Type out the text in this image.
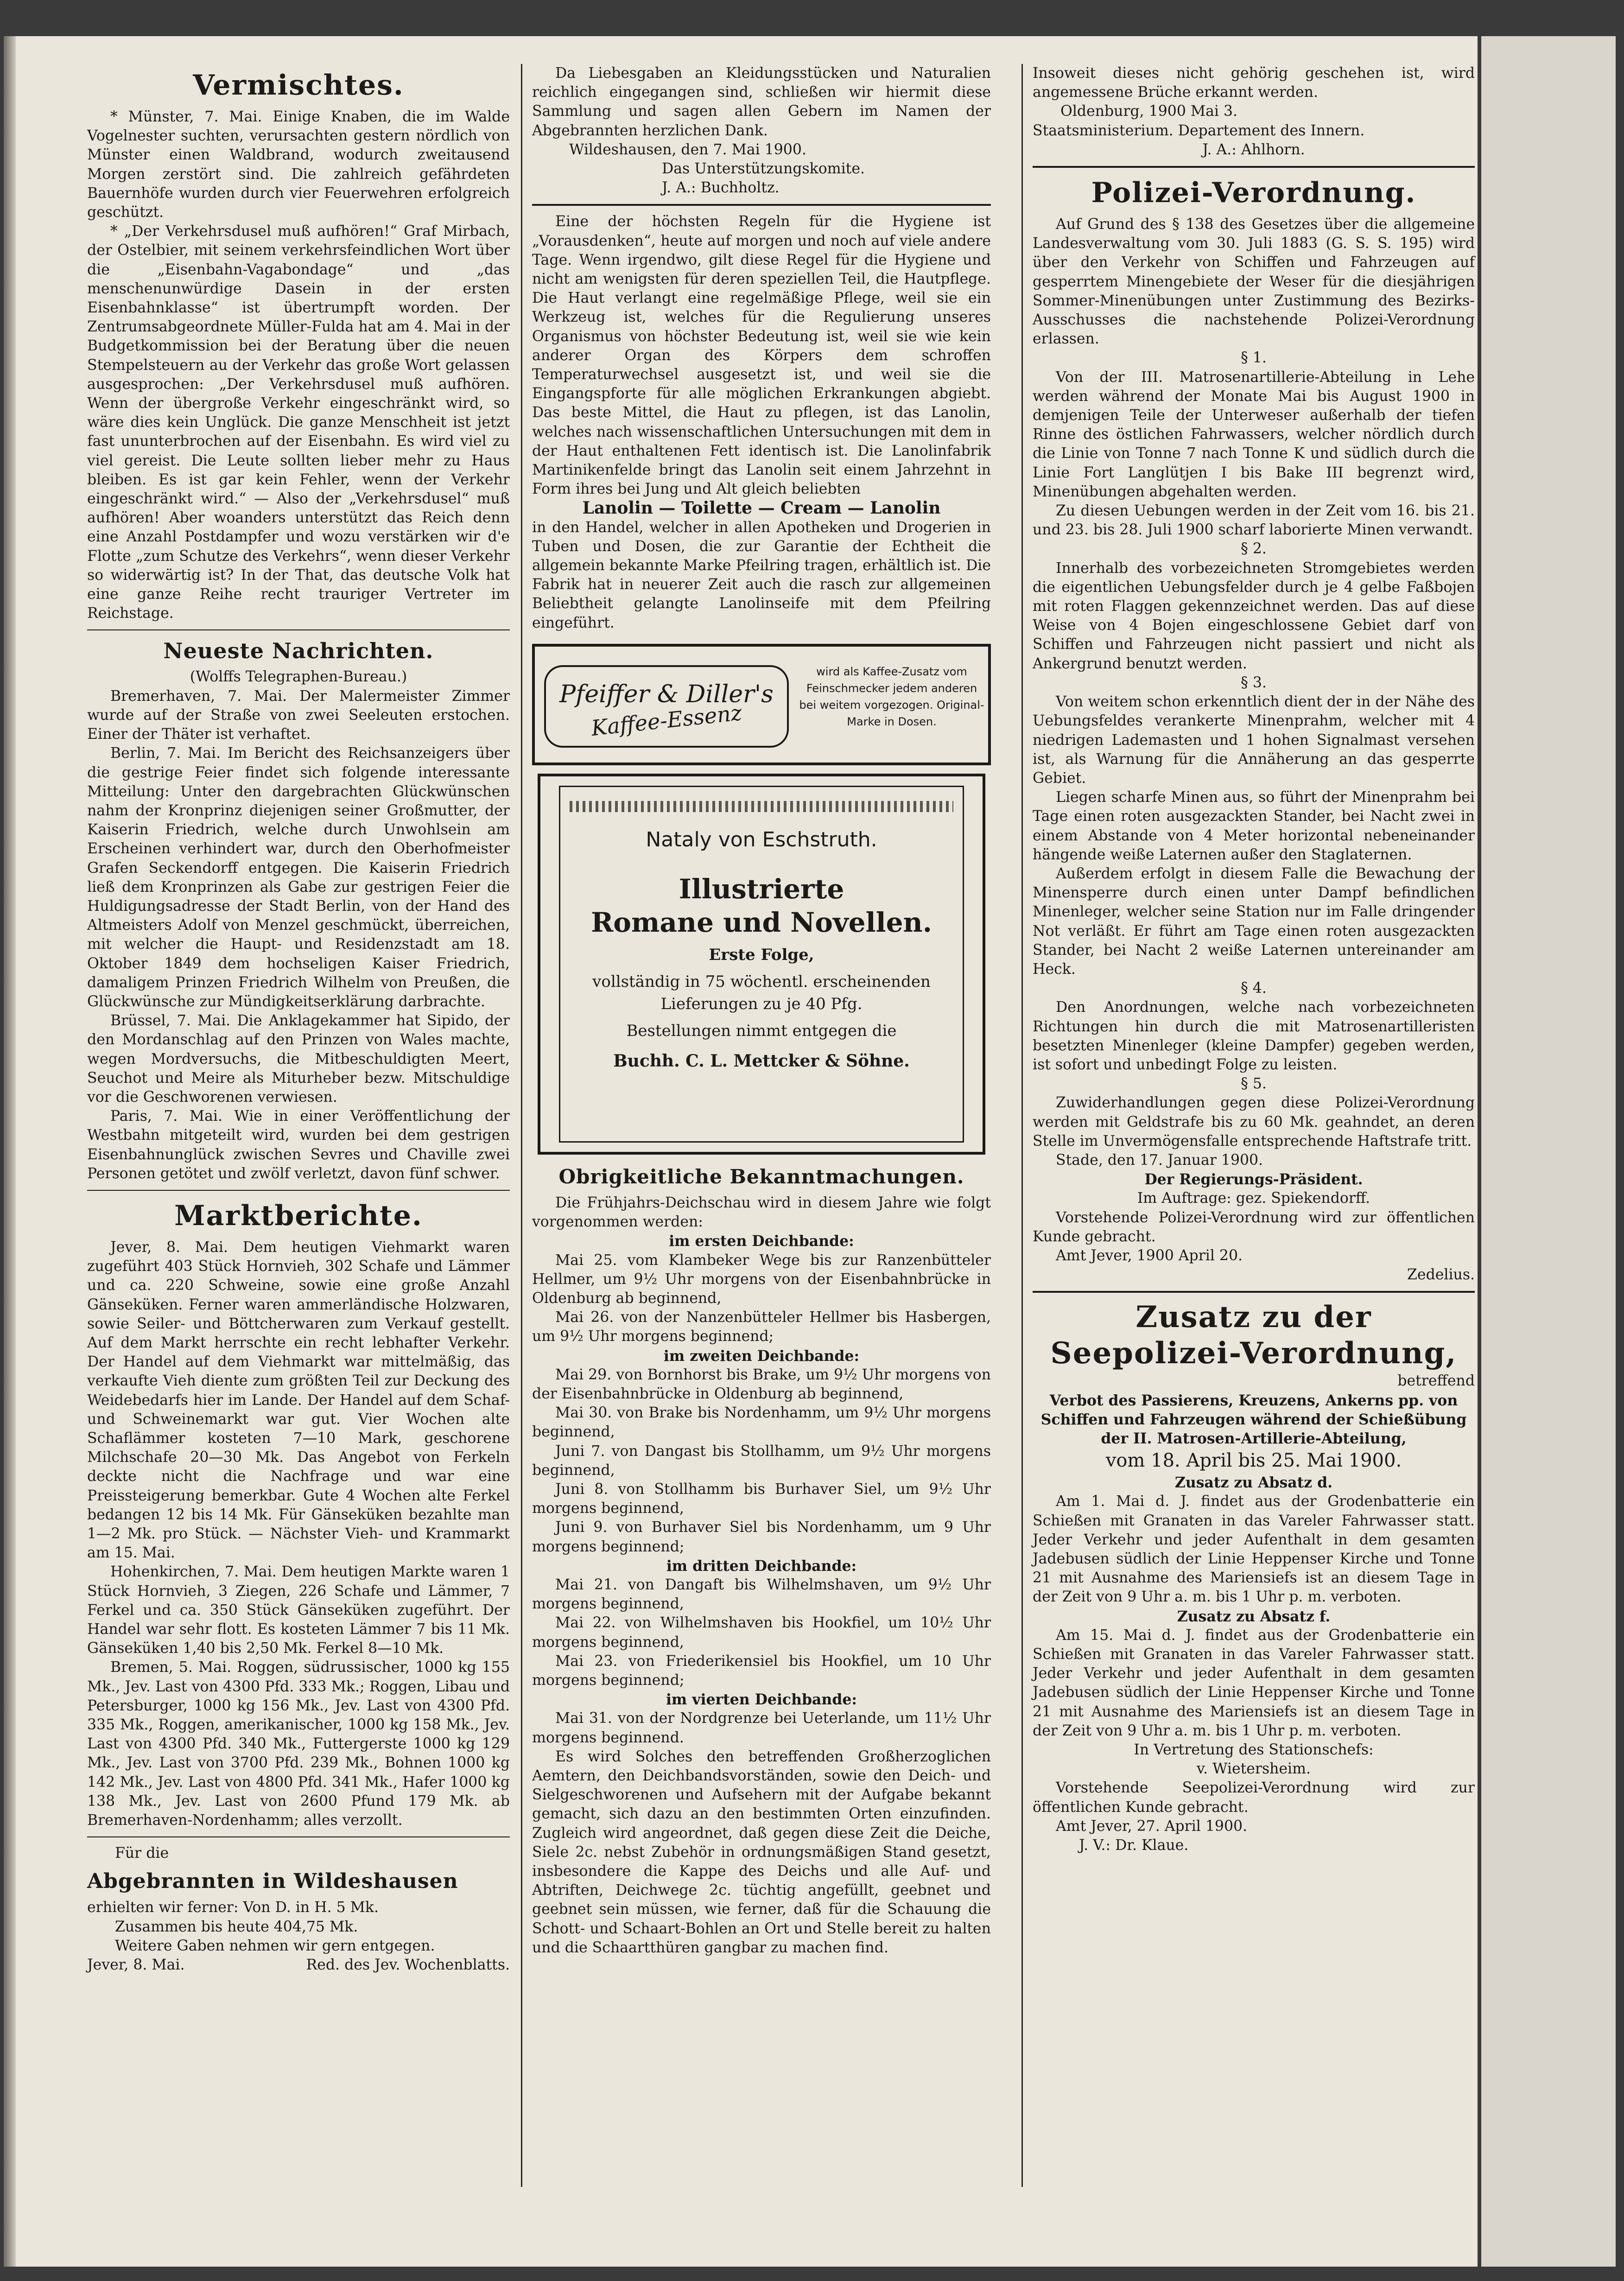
Vermischtes.

* Münster, 7. Mai. Einige Knaben, die im Walde Vogelnester suchten, verursachten gestern nördlich von Münster einen Waldbrand, wodurch zweitausend Morgen zerstört sind. Die zahlreich gefährdeten Bauernhöfe wurden durch vier Feuerwehren erfolgreich geschützt.

* „Der Verkehrsdusel muß aufhören!“ Graf Mirbach, der Ostelbier, mit seinem verkehrsfeindlichen Wort über die „Eisenbahn-Vagabondage“ und „das menschenunwürdige Dasein in der ersten Eisenbahnklasse“ ist übertrumpft worden. Der Zentrumsabgeordnete Müller-Fulda hat am 4. Mai in der Budgetkommission bei der Beratung über die neuen Stempelsteuern au der Verkehr das große Wort gelassen ausgesprochen: „Der Verkehrsdusel muß aufhören. Wenn der übergroße Verkehr eingeschränkt wird, so wäre dies kein Unglück. Die ganze Menschheit ist jetzt fast ununterbrochen auf der Eisenbahn. Es wird viel zu viel gereist. Die Leute sollten lieber mehr zu Haus bleiben. Es ist gar kein Fehler, wenn der Verkehr eingeschränkt wird.“ — Also der „Verkehrsdusel“ muß aufhören! Aber woanders unterstützt das Reich denn eine Anzahl Postdampfer und wozu verstärken wir d'e Flotte „zum Schutze des Verkehrs“, wenn dieser Verkehr so widerwärtig ist? In der That, das deutsche Volk hat eine ganze Reihe recht trauriger Vertreter im Reichstage.

Neueste Nachrichten.

(Wolffs Telegraphen-Bureau.)

Bremerhaven, 7. Mai. Der Malermeister Zimmer wurde auf der Straße von zwei Seeleuten erstochen. Einer der Thäter ist verhaftet.

Berlin, 7. Mai. Im Bericht des Reichsanzeigers über die gestrige Feier findet sich folgende interessante Mitteilung: Unter den dargebrachten Glückwünschen nahm der Kronprinz diejenigen seiner Großmutter, der Kaiserin Friedrich, welche durch Unwohlsein am Erscheinen verhindert war, durch den Oberhofmeister Grafen Seckendorff entgegen. Die Kaiserin Friedrich ließ dem Kronprinzen als Gabe zur gestrigen Feier die Huldigungsadresse der Stadt Berlin, von der Hand des Altmeisters Adolf von Menzel geschmückt, überreichen, mit welcher die Haupt- und Residenzstadt am 18. Oktober 1849 dem hochseligen Kaiser Friedrich, damaligem Prinzen Friedrich Wilhelm von Preußen, die Glückwünsche zur Mündigkeitserklärung darbrachte.

Brüssel, 7. Mai. Die Anklagekammer hat Sipido, der den Mordanschlag auf den Prinzen von Wales machte, wegen Mordversuchs, die Mitbeschuldigten Meert, Seuchot und Meire als Miturheber bezw. Mitschuldige vor die Geschworenen verwiesen.

Paris, 7. Mai. Wie in einer Veröffentlichung der Westbahn mitgeteilt wird, wurden bei dem gestrigen Eisenbahnunglück zwischen Sevres und Chaville zwei Personen getötet und zwölf verletzt, davon fünf schwer.

Marktberichte.

Jever, 8. Mai. Dem heutigen Viehmarkt waren zugeführt 403 Stück Hornvieh, 302 Schafe und Lämmer und ca. 220 Schweine, sowie eine große Anzahl Gänseküken. Ferner waren ammerländische Holzwaren, sowie Seiler- und Böttcherwaren zum Verkauf gestellt. Auf dem Markt herrschte ein recht lebhafter Verkehr. Der Handel auf dem Viehmarkt war mittelmäßig, das verkaufte Vieh diente zum größten Teil zur Deckung des Weidebedarfs hier im Lande. Der Handel auf dem Schaf- und Schweinemarkt war gut. Vier Wochen alte Schaflämmer kosteten 7—10 Mark, geschorene Milchschafe 20—30 Mk. Das Angebot von Ferkeln deckte nicht die Nachfrage und war eine Preissteigerung bemerkbar. Gute 4 Wochen alte Ferkel bedangen 12 bis 14 Mk. Für Gänseküken bezahlte man 1—2 Mk. pro Stück. — Nächster Vieh- und Krammarkt am 15. Mai.

Hohenkirchen, 7. Mai. Dem heutigen Markte waren 1 Stück Hornvieh, 3 Ziegen, 226 Schafe und Lämmer, 7 Ferkel und ca. 350 Stück Gänseküken zugeführt. Der Handel war sehr flott. Es kosteten Lämmer 7 bis 11 Mk. Gänseküken 1,40 bis 2,50 Mk. Ferkel 8—10 Mk.

Bremen, 5. Mai. Roggen, südrussischer, 1000 kg 155 Mk., Jev. Last von 4300 Pfd. 333 Mk.; Roggen, Libau und Petersburger, 1000 kg 156 Mk., Jev. Last von 4300 Pfd. 335 Mk., Roggen, amerikanischer, 1000 kg 158 Mk., Jev. Last von 4300 Pfd. 340 Mk., Futtergerste 1000 kg 129 Mk., Jev. Last von 3700 Pfd. 239 Mk., Bohnen 1000 kg 142 Mk., Jev. Last von 4800 Pfd. 341 Mk., Hafer 1000 kg 138 Mk., Jev. Last von 2600 Pfund 179 Mk. ab Bremerhaven-Nordenhamm; alles verzollt.

Für die

Abgebrannten in Wildeshausen

erhielten wir ferner: Von D. in H. 5 Mk.

Zusammen bis heute 404,75 Mk.

Weitere Gaben nehmen wir gern entgegen.

Jever, 8. Mai.	Red. des Jev. Wochenblatts.

Da Liebesgaben an Kleidungsstücken und Naturalien reichlich eingegangen sind, schließen wir hiermit diese Sammlung und sagen allen Gebern im Namen der Abgebrannten herzlichen Dank.

Wildeshausen, den 7. Mai 1900.

Das Unterstützungskomite.

J. A.: Buchholtz.

Eine der höchsten Regeln für die Hygiene ist „Vorausdenken“, heute auf morgen und noch auf viele andere Tage. Wenn irgendwo, gilt diese Regel für die Hygiene und nicht am wenigsten für deren speziellen Teil, die Hautpflege. Die Haut verlangt eine regelmäßige Pflege, weil sie ein Werkzeug ist, welches für die Regulierung unseres Organismus von höchster Bedeutung ist, weil sie wie kein anderer Organ des Körpers dem schroffen Temperaturwechsel ausgesetzt ist, und weil sie die Eingangspforte für alle möglichen Erkrankungen abgiebt. Das beste Mittel, die Haut zu pflegen, ist das Lanolin, welches nach wissenschaftlichen Untersuchungen mit dem in der Haut enthaltenen Fett identisch ist. Die Lanolinfabrik Martinikenfelde bringt das Lanolin seit einem Jahrzehnt in Form ihres bei Jung und Alt gleich beliebten

Lanolin — Toilette — Cream — Lanolin

in den Handel, welcher in allen Apotheken und Drogerien in Tuben und Dosen, die zur Garantie der Echtheit die allgemein bekannte Marke Pfeilring tragen, erhältlich ist. Die Fabrik hat in neuerer Zeit auch die rasch zur allgemeinen Beliebtheit gelangte Lanolinseife mit dem Pfeilring eingeführt.

Pfeiffer & Diller's
Kaffee-Essenz
wird als Kaffee-Zusatz vom Feinschmecker jedem anderen bei weitem vorgezogen. Original-Marke in Dosen.
Nataly von Eschstruth.
Illustrierte
Romane und Novellen.
Erste Folge,
vollständig in 75 wöchentl. erscheinenden Lieferungen zu je 40 Pfg.
Bestellungen nimmt entgegen die
Buchh. C. L. Mettcker & Söhne.
Obrigkeitliche Bekanntmachungen.

Die Frühjahrs-Deichschau wird in diesem Jahre wie folgt vorgenommen werden:

im ersten Deichbande:

Mai 25. vom Klambeker Wege bis zur Ranzenbütteler Hellmer, um 9½ Uhr morgens von der Eisenbahnbrücke in Oldenburg ab beginnend,

Mai 26. von der Nanzenbütteler Hellmer bis Hasbergen, um 9½ Uhr morgens beginnend;

im zweiten Deichbande:

Mai 29. von Bornhorst bis Brake, um 9½ Uhr morgens von der Eisenbahnbrücke in Oldenburg ab beginnend,

Mai 30. von Brake bis Nordenhamm, um 9½ Uhr morgens beginnend,

Juni 7. von Dangast bis Stollhamm, um 9½ Uhr morgens beginnend,

Juni 8. von Stollhamm bis Burhaver Siel, um 9½ Uhr morgens beginnend,

Juni 9. von Burhaver Siel bis Nordenhamm, um 9 Uhr morgens beginnend;

im dritten Deichbande:

Mai 21. von Dangaft bis Wilhelmshaven, um 9½ Uhr morgens beginnend,

Mai 22. von Wilhelmshaven bis Hookfiel, um 10½ Uhr morgens beginnend,

Mai 23. von Friederikensiel bis Hookfiel, um 10 Uhr morgens beginnend;

im vierten Deichbande:

Mai 31. von der Nordgrenze bei Ueterlande, um 11½ Uhr morgens beginnend.

Es wird Solches den betreffenden Großherzoglichen Aemtern, den Deichbandsvorständen, sowie den Deich- und Sielgeschworenen und Aufsehern mit der Aufgabe bekannt gemacht, sich dazu an den bestimmten Orten einzufinden. Zugleich wird angeordnet, daß gegen diese Zeit die Deiche, Siele 2c. nebst Zubehör in ordnungsmäßigen Stand gesetzt, insbesondere die Kappe des Deichs und alle Auf- und Abtriften, Deichwege 2c. tüchtig angefüllt, geebnet und geebnet sein müssen, wie ferner, daß für die Schauung die Schott- und Schaart-Bohlen an Ort und Stelle bereit zu halten und die Schaartthüren gangbar zu machen find.

Insoweit dieses nicht gehörig geschehen ist, wird angemessene Brüche erkannt werden.

Oldenburg, 1900 Mai 3.

Staatsministerium. Departement des Innern.

J. A.: Ahlhorn.

Polizei-Verordnung.

Auf Grund des § 138 des Gesetzes über die allgemeine Landesverwaltung vom 30. Juli 1883 (G. S. S. 195) wird über den Verkehr von Schiffen und Fahrzeugen auf gesperrtem Minengebiete der Weser für die diesjährigen Sommer-Minenübungen unter Zustimmung des Bezirks-Ausschusses die nachstehende Polizei-Verordnung erlassen.

§ 1.

Von der III. Matrosenartillerie-Abteilung in Lehe werden während der Monate Mai bis August 1900 in demjenigen Teile der Unterweser außerhalb der tiefen Rinne des östlichen Fahrwassers, welcher nördlich durch die Linie von Tonne 7 nach Tonne K und südlich durch die Linie Fort Langlütjen I bis Bake III begrenzt wird, Minenübungen abgehalten werden.

Zu diesen Uebungen werden in der Zeit vom 16. bis 21. und 23. bis 28. Juli 1900 scharf laborierte Minen verwandt.

§ 2.

Innerhalb des vorbezeichneten Stromgebietes werden die eigentlichen Uebungsfelder durch je 4 gelbe Faßbojen mit roten Flaggen gekennzeichnet werden. Das auf diese Weise von 4 Bojen eingeschlossene Gebiet darf von Schiffen und Fahrzeugen nicht passiert und nicht als Ankergrund benutzt werden.

§ 3.

Von weitem schon erkenntlich dient der in der Nähe des Uebungsfeldes verankerte Minenprahm, welcher mit 4 niedrigen Lademasten und 1 hohen Signalmast versehen ist, als Warnung für die Annäherung an das gesperrte Gebiet.

Liegen scharfe Minen aus, so führt der Minenprahm bei Tage einen roten ausgezackten Stander, bei Nacht zwei in einem Abstande von 4 Meter horizontal nebeneinander hängende weiße Laternen außer den Staglaternen.

Außerdem erfolgt in diesem Falle die Bewachung der Minensperre durch einen unter Dampf befindlichen Minenleger, welcher seine Station nur im Falle dringender Not verläßt. Er führt am Tage einen roten ausgezackten Stander, bei Nacht 2 weiße Laternen untereinander am Heck.

§ 4.

Den Anordnungen, welche nach vorbezeichneten Richtungen hin durch die mit Matrosenartilleristen besetzten Minenleger (kleine Dampfer) gegeben werden, ist sofort und unbedingt Folge zu leisten.

§ 5.

Zuwiderhandlungen gegen diese Polizei-Verordnung werden mit Geldstrafe bis zu 60 Mk. geahndet, an deren Stelle im Unvermögensfalle entsprechende Haftstrafe tritt.

Stade, den 17. Januar 1900.

Der Regierungs-Präsident.

Im Auftrage: gez. Spiekendorff.

Vorstehende Polizei-Verordnung wird zur öffentlichen Kunde gebracht.

Amt Jever, 1900 April 20.

Zedelius.

Zusatz zu der
Seepolizei-Verordnung,

betreffend

Verbot des Passierens, Kreuzens, Ankerns pp. von Schiffen und Fahrzeugen während der Schießübung der II. Matrosen-Artillerie-Abteilung,

vom 18. April bis 25. Mai 1900.

Zusatz zu Absatz d.

Am 1. Mai d. J. findet aus der Grodenbatterie ein Schießen mit Granaten in das Vareler Fahrwasser statt. Jeder Verkehr und jeder Aufenthalt in dem gesamten Jadebusen südlich der Linie Heppenser Kirche und Tonne 21 mit Ausnahme des Mariensiefs ist an diesem Tage in der Zeit von 9 Uhr a. m. bis 1 Uhr p. m. verboten.

Zusatz zu Absatz f.

Am 15. Mai d. J. findet aus der Grodenbatterie ein Schießen mit Granaten in das Vareler Fahrwasser statt. Jeder Verkehr und jeder Aufenthalt in dem gesamten Jadebusen südlich der Linie Heppenser Kirche und Tonne 21 mit Ausnahme des Mariensiefs ist an diesem Tage in der Zeit von 9 Uhr a. m. bis 1 Uhr p. m. verboten.

In Vertretung des Stationschefs:

v. Wietersheim.

Vorstehende Seepolizei-Verordnung wird zur öffentlichen Kunde gebracht.

Amt Jever, 27. April 1900.

J. V.: Dr. Klaue.
